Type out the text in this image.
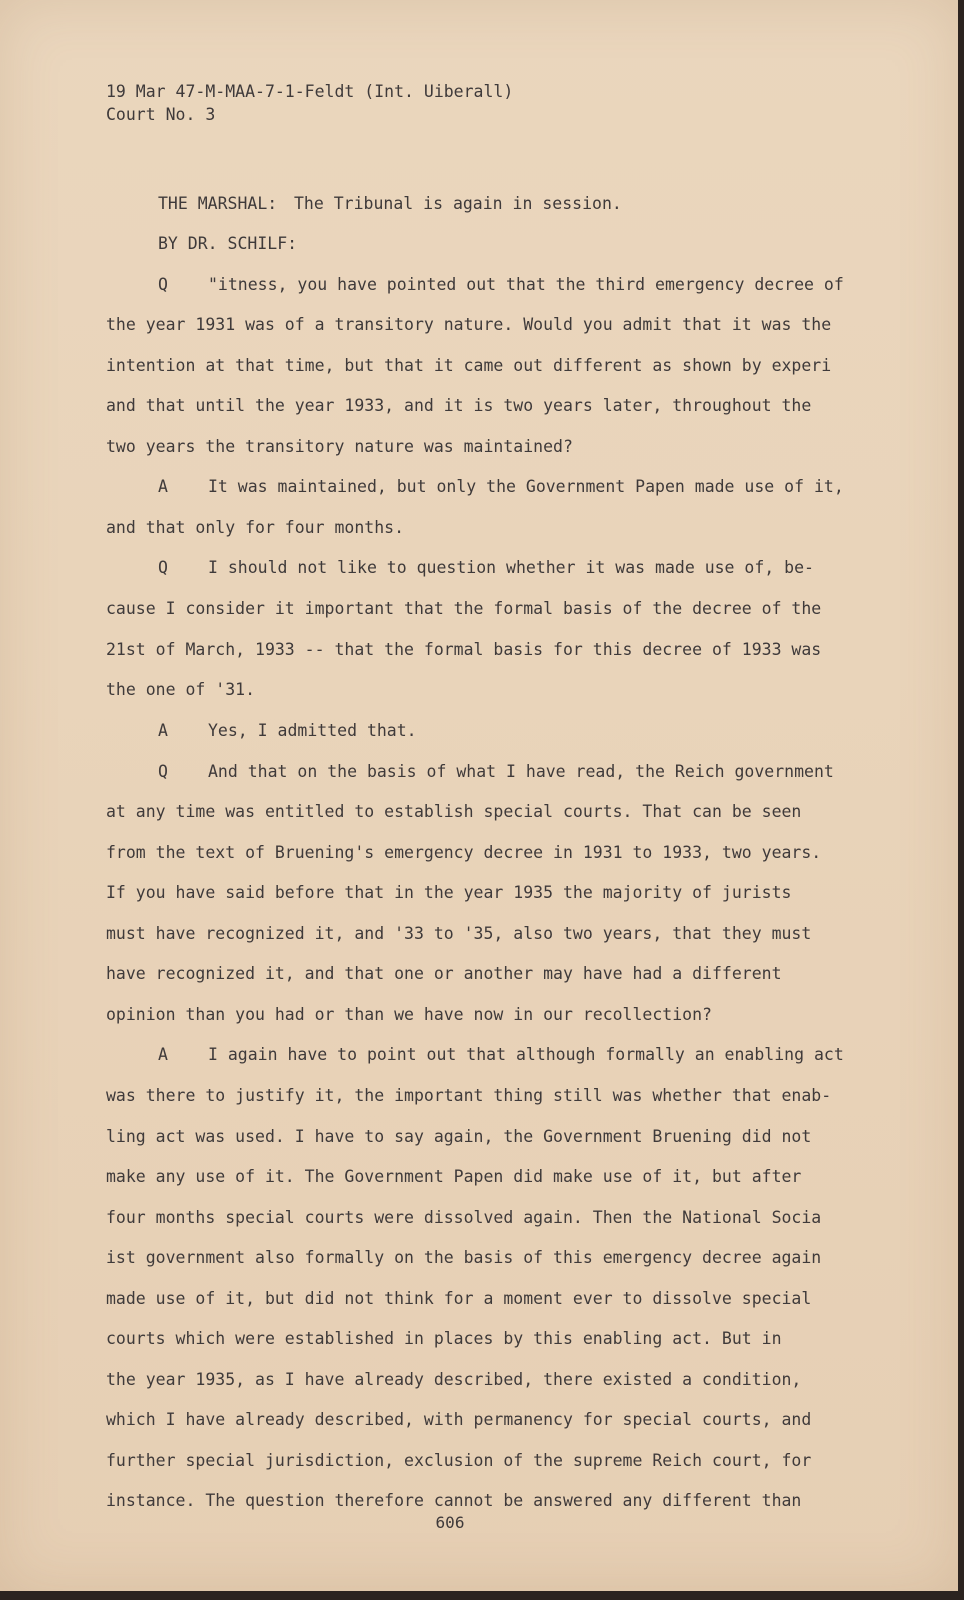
19 Mar 47-M-MAA-7-1-Feldt (Int. Uiberall)
Court No. 3
THE MARSHAL: The Tribunal is again in session.
BY DR. SCHILF:
Q "itness, you have pointed out that the third emergency decree of
the year 1931 was of a transitory nature. Would you admit that it was the
intention at that time, but that it came out different as shown by experi
and that until the year 1933, and it is two years later, throughout the
two years the transitory nature was maintained?
A It was maintained, but only the Government Papen made use of it,
and that only for four months.
Q I should not like to question whether it was made use of, be-
cause I consider it important that the formal basis of the decree of the
21st of March, 1933 -- that the formal basis for this decree of 1933 was
the one of '31.
A Yes, I admitted that.
Q And that on the basis of what I have read, the Reich government
at any time was entitled to establish special courts. That can be seen
from the text of Bruening's emergency decree in 1931 to 1933, two years.
If you have said before that in the year 1935 the majority of jurists
must have recognized it, and '33 to '35, also two years, that they must
have recognized it, and that one or another may have had a different
opinion than you had or than we have now in our recollection?
A I again have to point out that although formally an enabling act
was there to justify it, the important thing still was whether that enab-
ling act was used. I have to say again, the Government Bruening did not
make any use of it. The Government Papen did make use of it, but after
four months special courts were dissolved again. Then the National Socia
ist government also formally on the basis of this emergency decree again
made use of it, but did not think for a moment ever to dissolve special
courts which were established in places by this enabling act. But in
the year 1935, as I have already described, there existed a condition,
which I have already described, with permanency for special courts, and
further special jurisdiction, exclusion of the supreme Reich court, for
instance. The question therefore cannot be answered any different than
606
